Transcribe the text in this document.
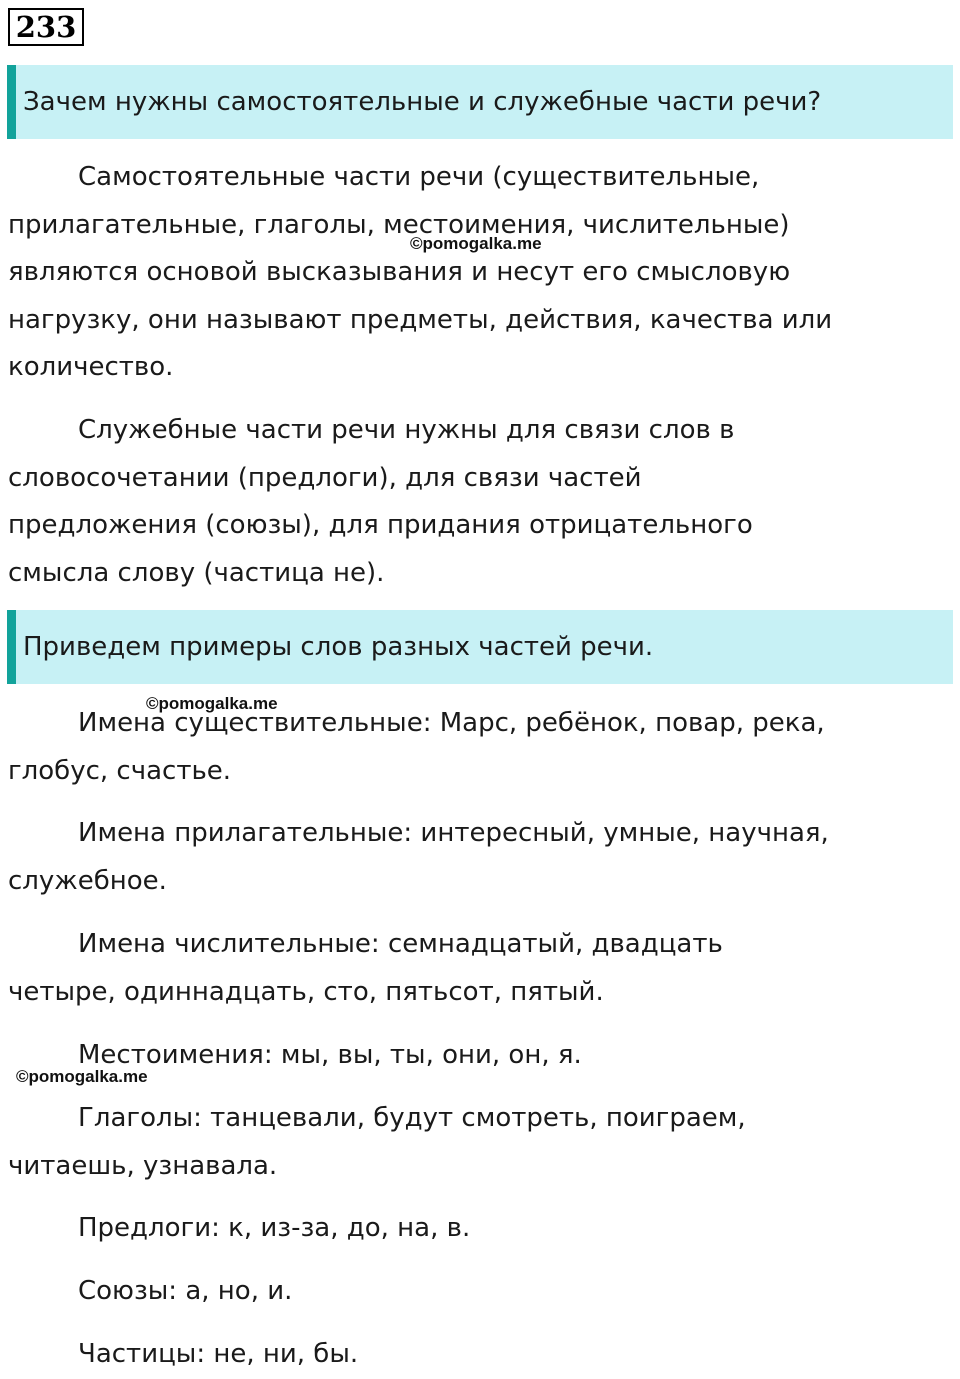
233
Зачем нужны самостоятельные и служебные части речи?

Самостоятельные части речи (существительные,
прилагательные, глаголы, местоимения, числительные)
являются основой высказывания и несут его смысловую
нагрузку, они называют предметы, действия, качества или
количество.

Служебные части речи нужны для связи слов в
словосочетании (предлоги), для связи частей
предложения (союзы), для придания отрицательного
смысла слову (частица не).

Приведем примеры слов разных частей речи.

Имена существительные: Марс, ребёнок, повар, река,
глобус, счастье.

Имена прилагательные: интересный, умные, научная,
служебное.

Имена числительные: семнадцатый, двадцать
четыре, одиннадцать, сто, пятьсот, пятый.

Местоимения: мы, вы, ты, они, он, я.

Глаголы: танцевали, будут смотреть, поиграем,
читаешь, узнавала.

Предлоги: к, из-за, до, на, в.

Союзы: а, но, и.

Частицы: не, ни, бы.

©pomogalka.me
©pomogalka.me
©pomogalka.me
